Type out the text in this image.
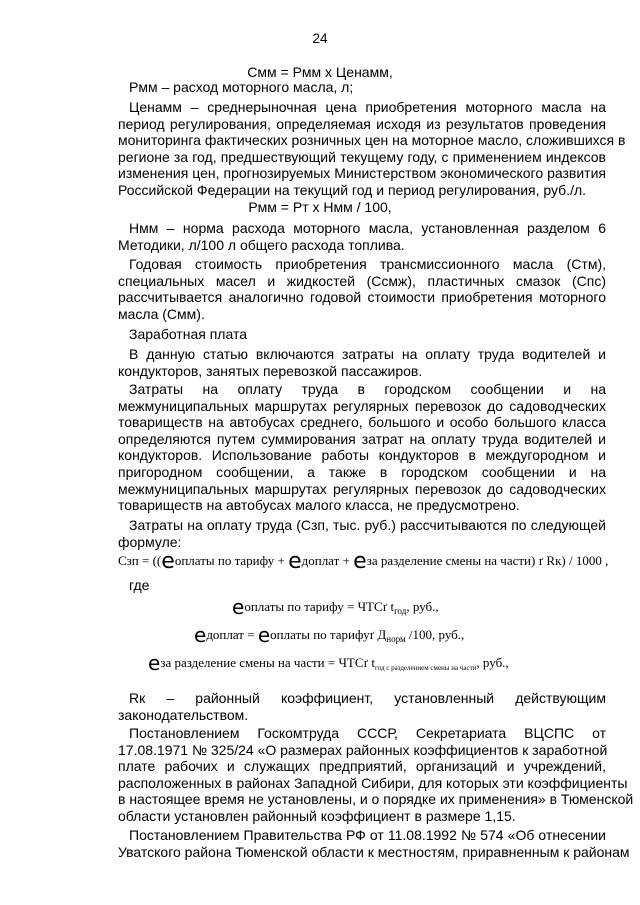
24
Смм = Рмм х Ценамм,
Рмм – расход моторного масла, л;
Ценамм – среднерыночная цена приобретения моторного масла на
период регулирования, определяемая исходя из результатов проведения
мониторинга фактических розничных цен на моторное масло, сложившихся в
регионе за год, предшествующий текущему году, с применением индексов
изменения цен, прогнозируемых Министерством экономического развития
Российской Федерации на текущий год и период регулирования, руб./л.
Рмм = Рт х Нмм / 100,
Нмм – норма расхода моторного масла, установленная разделом 6
Методики, л/100 л общего расхода топлива.
Годовая стоимость приобретения трансмиссионного масла (Стм),
специальных масел и жидкостей (Ссмж), пластичных смазок (Спс)
рассчитывается аналогично годовой стоимости приобретения моторного
масла (Смм).
Заработная плата
В данную статью включаются затраты на оплату труда водителей и
кондукторов, занятых перевозкой пассажиров.
Затраты на оплату труда в городском сообщении и на
межмуниципальных маршрутах регулярных перевозок до садоводческих
товариществ на автобусах среднего, большого и особо большого класса
определяются путем суммирования затрат на оплату труда водителей и
кондукторов. Использование работы кондукторов в междугородном и
пригородном сообщении, а также в городском сообщении и на
межмуниципальных маршрутах регулярных перевозок до садоводческих
товариществ на автобусах малого класса, не предусмотрено.
Затраты на оплату труда (Сзп, тыс. руб.) рассчитываются по следующей
формуле:
Сзп = ((еоплаты по тарифу + едоплат + еза разделение смены на части) ґ Rк) / 1000 ,
где
еоплаты по тарифу = ЧТСґ $t_{год}$, руб.,
едоплат = еоплаты по тарифуґ $Д_{норм}$ /100, руб.,
еза разделение смены на части = ЧТСґ $t_{год с разделением смены на части}$, руб.,
Rк – районный коэффициент, установленный действующим
законодательством.
Постановлением Госкомтруда СССР, Секретариата ВЦСПС от
17.08.1971 № 325/24 «О размерах районных коэффициентов к заработной
плате рабочих и служащих предприятий, организаций и учреждений,
расположенных в районах Западной Сибири, для которых эти коэффициенты
в настоящее время не установлены, и о порядке их применения» в Тюменской
области установлен районный коэффициент в размере 1,15.
Постановлением Правительства РФ от 11.08.1992 № 574 «Об отнесении
Уватского района Тюменской области к местностям, приравненным к районам
